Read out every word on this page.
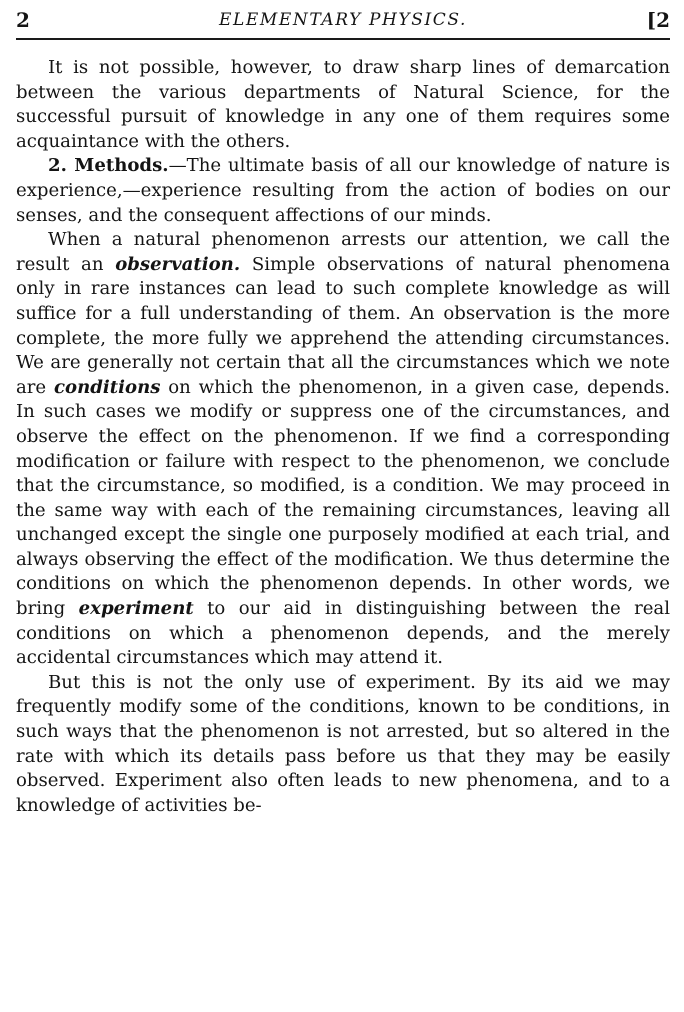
2	ELEMENTARY PHYSICS.	[2

It is not possible, however, to draw sharp lines of demarcation between the various departments of Natural Science, for the successful pursuit of knowledge in any one of them requires some acquaintance with the others.

2. Methods.—The ultimate basis of all our knowledge of nature is experience,—experience resulting from the action of bodies on our senses, and the consequent affections of our minds.

When a natural phenomenon arrests our attention, we call the result an observation. Simple observations of natural phenomena only in rare instances can lead to such complete knowledge as will suffice for a full understanding of them. An observation is the more complete, the more fully we apprehend the attending circumstances. We are generally not certain that all the circumstances which we note are conditions on which the phenomenon, in a given case, depends. In such cases we modify or suppress one of the circumstances, and observe the effect on the phenomenon. If we find a corresponding modification or failure with respect to the phenomenon, we conclude that the circumstance, so modified, is a condition. We may proceed in the same way with each of the remaining circumstances, leaving all unchanged except the single one purposely modified at each trial, and always observing the effect of the modification. We thus determine the conditions on which the phenomenon depends. In other words, we bring experiment to our aid in distinguishing between the real conditions on which a phenomenon depends, and the merely accidental circumstances which may attend it.

But this is not the only use of experiment. By its aid we may frequently modify some of the conditions, known to be conditions, in such ways that the phenomenon is not arrested, but so altered in the rate with which its details pass before us that they may be easily observed. Experiment also often leads to new phenomena, and to a knowledge of activities be-
